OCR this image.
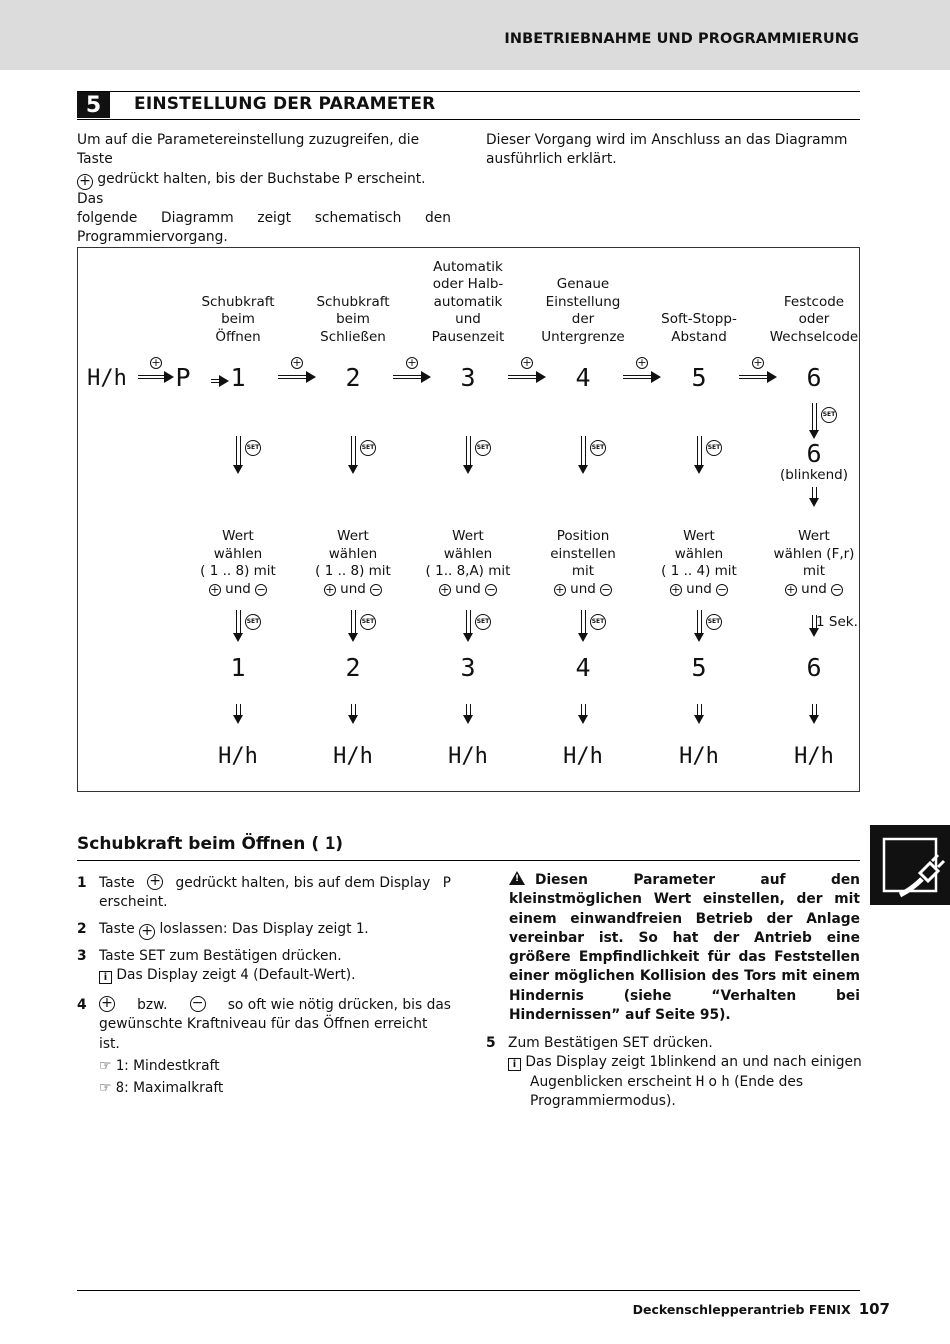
INBETRIEBNAHME UND PROGRAMMIERUNG
5	EINSTELLUNG DER PARAMETER
Um auf die Parametereinstellung zuzugreifen, die Taste
+ gedrückt halten, bis der Buchstabe P erscheint. Das
folgende Diagramm zeigt schematisch den
Programmiervorgang.
Dieser Vorgang wird im Anschluss an das Diagramm ausführlich erklärt.
H/h
+
P
Schubkraft
beim
Öffnen
1
+
SET
Wert
wählen
( 1 .. 8) mit
+ und −
SET
1
H/h
Schubkraft
beim
Schließen
2
+
SET
Wert
wählen
( 1 .. 8) mit
+ und −
SET
2
H/h
Automatik
oder Halb-
automatik
und
Pausenzeit
3
+
SET
Wert
wählen
( 1.. 8,A) mit
+ und −
SET
3
H/h
Genaue
Einstellung
der
Untergrenze
4
+
SET
Position
einstellen
mit
+ und −
SET
4
H/h
Soft-Stopp-
Abstand
5
+
SET
Wert
wählen
( 1 .. 4) mit
+ und −
SET
5
H/h
Festcode
oder
Wechselcode
6
SET
6
(blinkend)
Wert
wählen (F,r)
mit
+ und −
1 Sek.
6
H/h
Schubkraft beim Öffnen ( 1)
1 Taste + gedrückt halten, bis auf dem Display P
erscheint.
2 Taste + loslassen: Das Display zeigt 1.
3 Taste SET zum Bestätigen drücken.
i Das Display zeigt 4 (Default-Wert).
4 + bzw. − so oft wie nötig drücken, bis das
gewünschte Kraftniveau für das Öffnen erreicht ist.
☞ 1: Mindestkraft
☞ 8: Maximalkraft
! Diesen Parameter auf den kleinstmöglichen Wert einstellen, der mit einem einwandfreien Betrieb der Anlage vereinbar ist. So hat der Antrieb eine größere Empfindlichkeit für das Feststellen einer möglichen Kollision des Tors mit einem Hindernis (siehe “Verhalten bei Hindernissen” auf Seite 95).
5 Zum Bestätigen SET drücken.
i Das Display zeigt 1blinkend an und nach einigen
Augenblicken erscheint H o h (Ende des
Programmiermodus).
Deckenschlepperantrieb FENIX 107
